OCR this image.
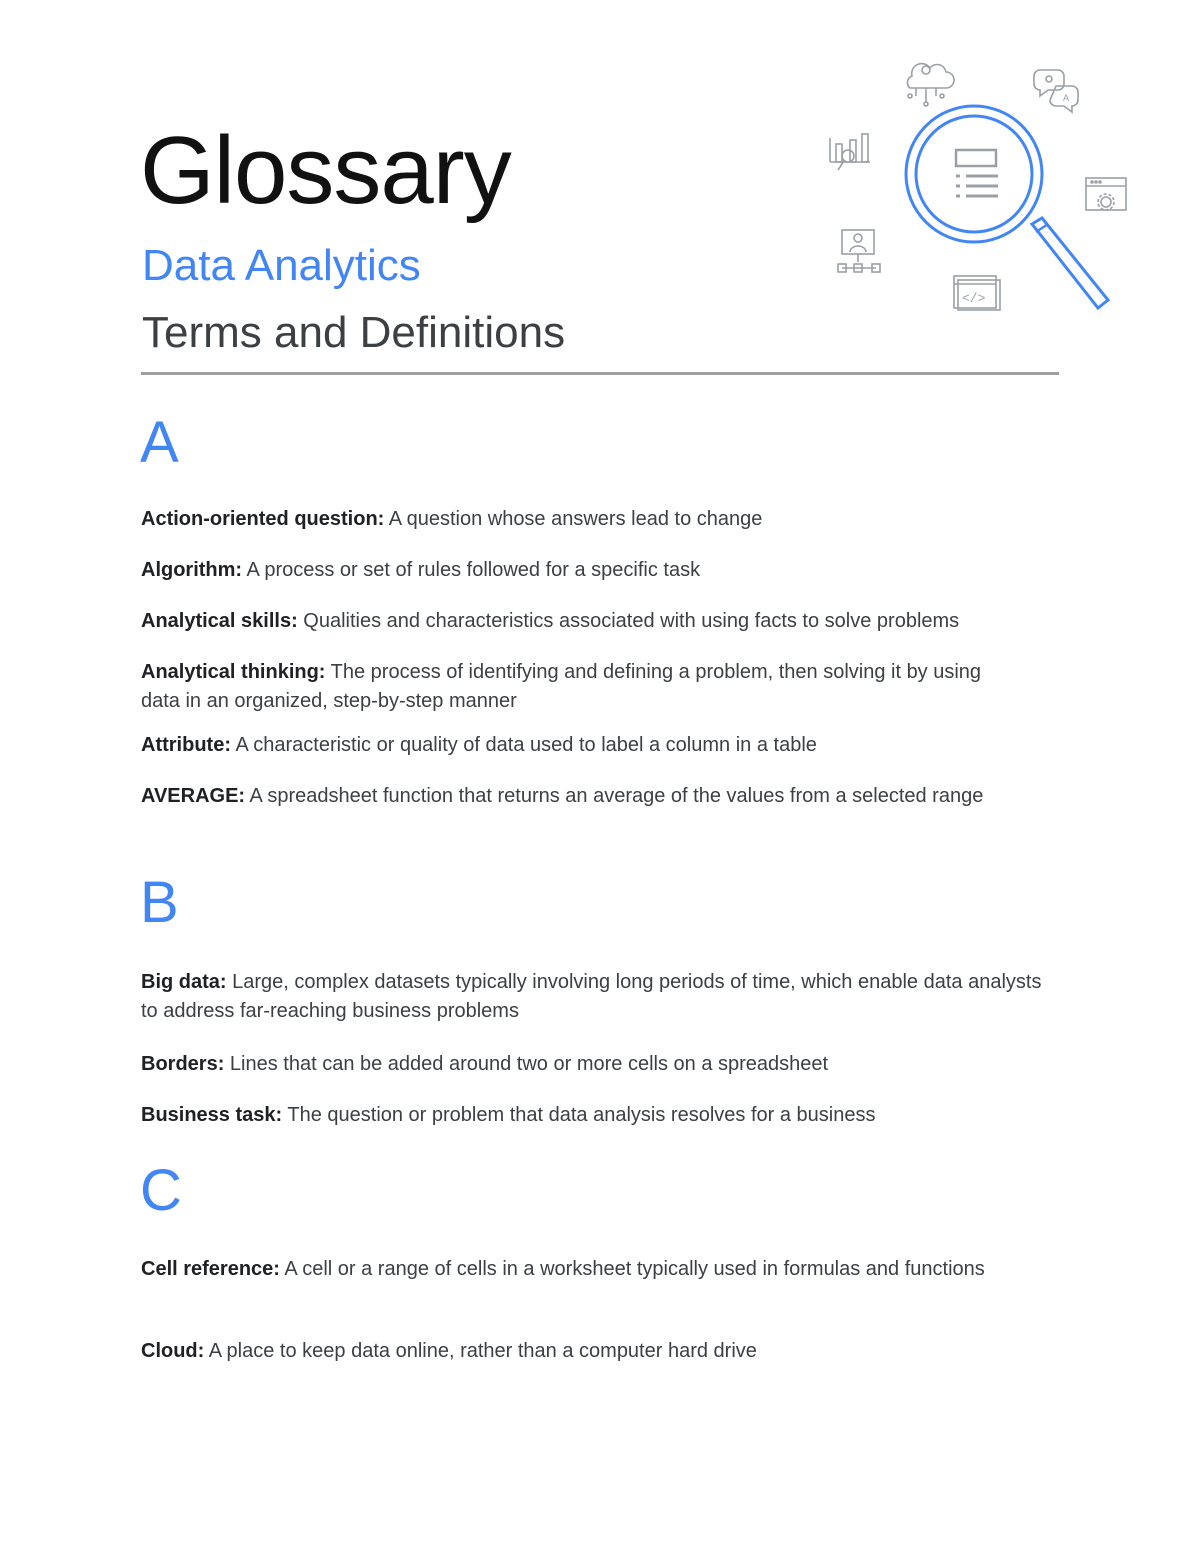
Glossary
Data Analytics
Terms and Definitions
A
</>
A
Action-oriented question: A question whose answers lead to change
Algorithm: A process or set of rules followed for a specific task
Analytical skills: Qualities and characteristics associated with using facts to solve problems
Analytical thinking: The process of identifying and defining a problem, then solving it by using data in an organized, step-by-step manner
Attribute: A characteristic or quality of data used to label a column in a table
AVERAGE: A spreadsheet function that returns an average of the values from a selected range
B
Big data: Large, complex datasets typically involving long periods of time, which enable data analysts to address far-reaching business problems
Borders: Lines that can be added around two or more cells on a spreadsheet
Business task: The question or problem that data analysis resolves for a business
C
Cell reference: A cell or a range of cells in a worksheet typically used in formulas and functions
Cloud: A place to keep data online, rather than a computer hard drive
